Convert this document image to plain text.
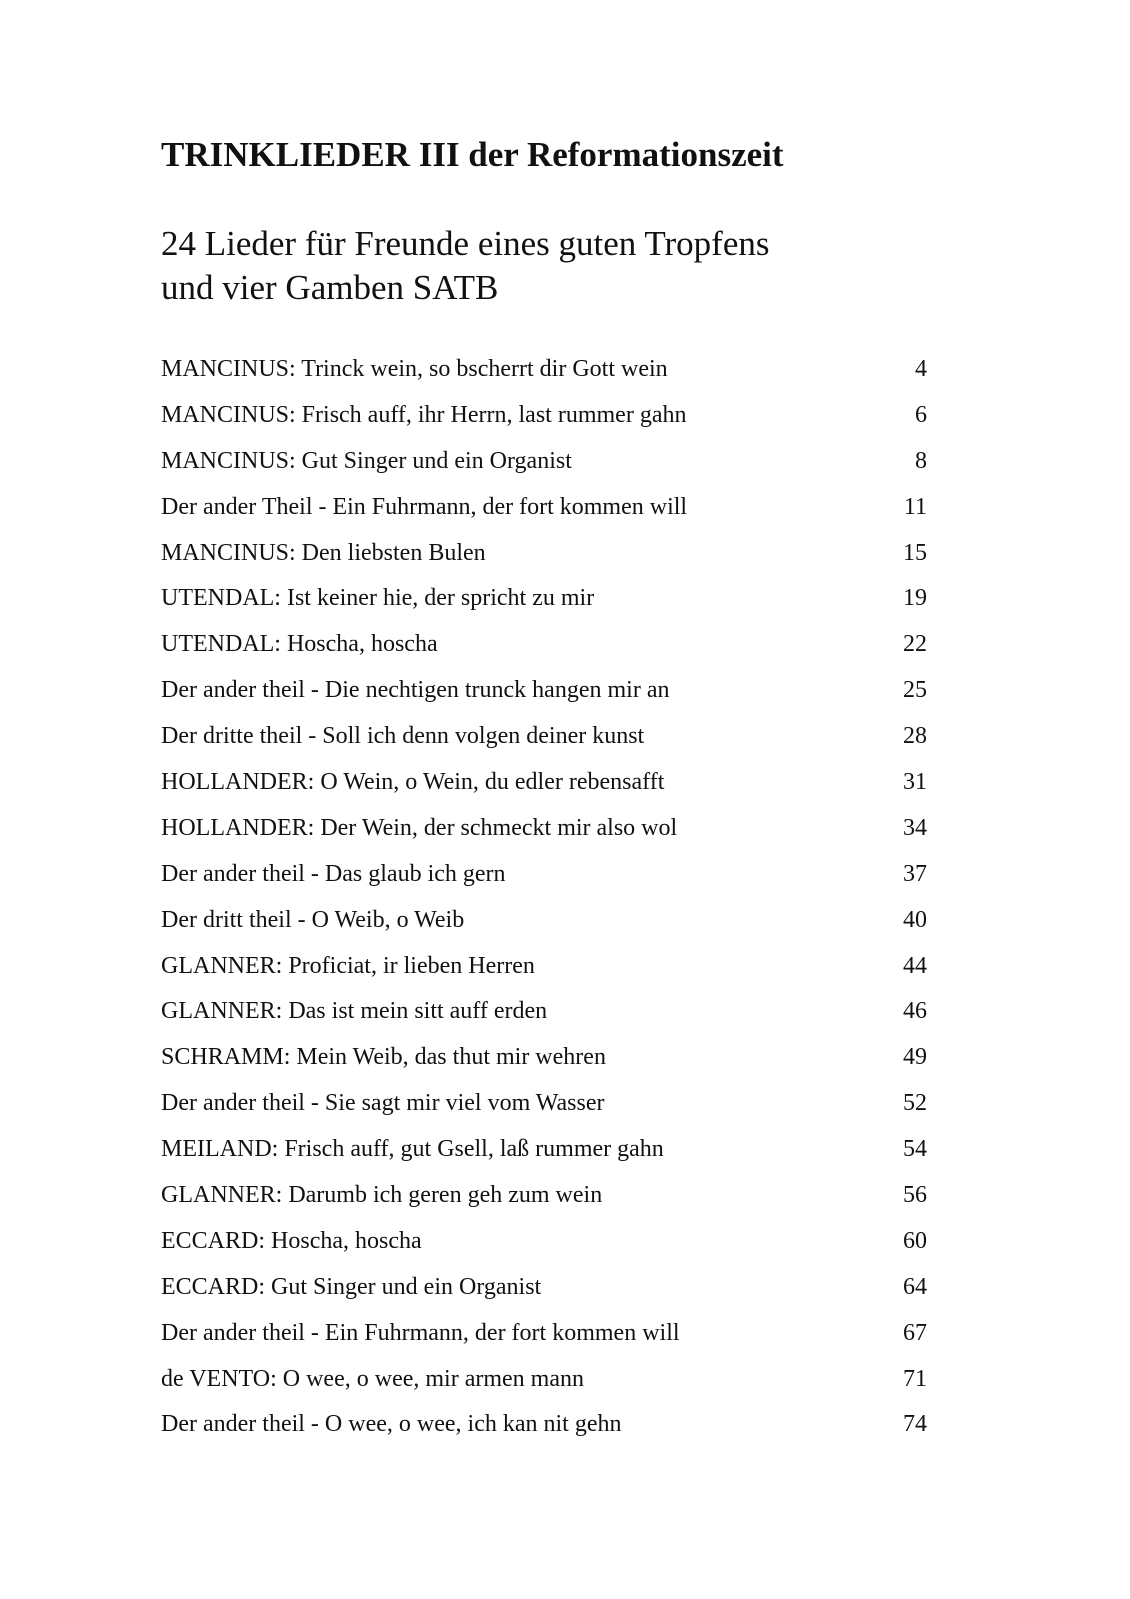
TRINKLIEDER III der Reformationszeit
24 Lieder für Freunde eines guten Tropfens
und vier Gamben SATB
MANCINUS: Trinck wein, so bscherrt dir Gott wein	4
MANCINUS: Frisch auff, ihr Herrn, last rummer gahn	6
MANCINUS: Gut Singer und ein Organist	8
Der ander Theil - Ein Fuhrmann, der fort kommen will	11
MANCINUS: Den liebsten Bulen	15
UTENDAL: Ist keiner hie, der spricht zu mir	19
UTENDAL: Hoscha, hoscha	22
Der ander theil - Die nechtigen trunck hangen mir an	25
Der dritte theil - Soll ich denn volgen deiner kunst	28
HOLLANDER: O Wein, o Wein, du edler rebensafft	31
HOLLANDER: Der Wein, der schmeckt mir also wol	34
Der ander theil - Das glaub ich gern	37
Der dritt theil - O Weib, o Weib	40
GLANNER: Proficiat, ir lieben Herren	44
GLANNER: Das ist mein sitt auff erden	46
SCHRAMM: Mein Weib, das thut mir wehren	49
Der ander theil - Sie sagt mir viel vom Wasser	52
MEILAND: Frisch auff, gut Gsell, laß rummer gahn	54
GLANNER: Darumb ich geren geh zum wein	56
ECCARD: Hoscha, hoscha	60
ECCARD: Gut Singer und ein Organist	64
Der ander theil - Ein Fuhrmann, der fort kommen will	67
de VENTO: O wee, o wee, mir armen mann	71
Der ander theil - O wee, o wee, ich kan nit gehn	74
